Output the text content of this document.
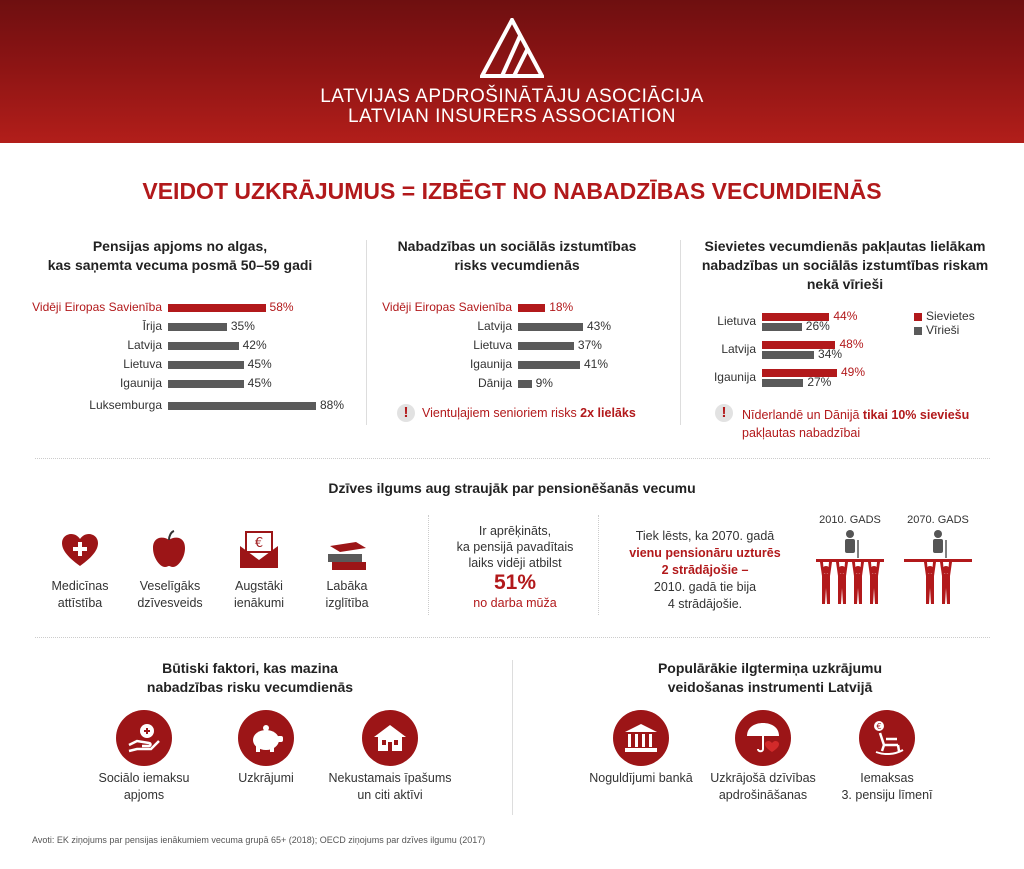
LATVIJAS APDROŠINĀTĀJU ASOCIĀCIJA
LATVIAN INSURERS ASSOCIATION
VEIDOT UZKRĀJUMUS = IZBĒGT NO NABADZĪBAS VECUMDIENĀS
Pensijas apjoms no algas,
kas saņemta vecuma posmā 50–59 gadi
Vidēji Eiropas Savienība	58%
Īrija	35%
Latvija	42%
Lietuva	45%
Igaunija	45%
Luksemburga	88%
Nabadzības un sociālās izstumtības
risks vecumdienās
Vidēji Eiropas Savienība	18%
Latvija	43%
Lietuva	37%
Igaunija	41%
Dānija 9%
!	Vientuļajiem senioriem risks 2x lielāks
Sievietes vecumdienās pakļautas lielākam
nabadzības un sociālās izstumtības riskam
nekā vīrieši
Lietuva	44%
26%
Latvija	48%
34%
Igaunija	49%
27%
Sievietes
Vīrieši
!	Nīderlandē un Dānijā tikai 10% sieviešu
pakļautas nabadzībai
Dzīves ilgums aug straujāk par pensionēšanās vecumu
Medicīnas
attīstība
Veselīgāks
dzīvesveids
€
Augstāki
ienākumi
Labāka
izglītība
Ir aprēķināts,
ka pensijā pavadītais
laiks vidēji atbilst
51%
no darba mūža
Tiek lēsts, ka 2070. gadā
vienu pensionāru uzturēs
2 strādājošie –
2010. gadā tie bija
4 strādājošie.
2010. GADS	2070. GADS
Būtiski faktori, kas mazina
nabadzības risku vecumdienās
Sociālo iemaksu
apjoms
Uzkrājumi	Nekustamais īpašums
un citi aktīvi
Populārākie ilgtermiņa uzkrājumu
veidošanas instrumenti Latvijā
Noguldījumi bankā	Uzkrājošā dzīvības
apdrošināšanas
€
Iemaksas
3. pensiju līmenī
Avoti: EK ziņojums par pensijas ienākumiem vecuma grupā 65+ (2018); OECD ziņojums par dzīves ilgumu (2017)
